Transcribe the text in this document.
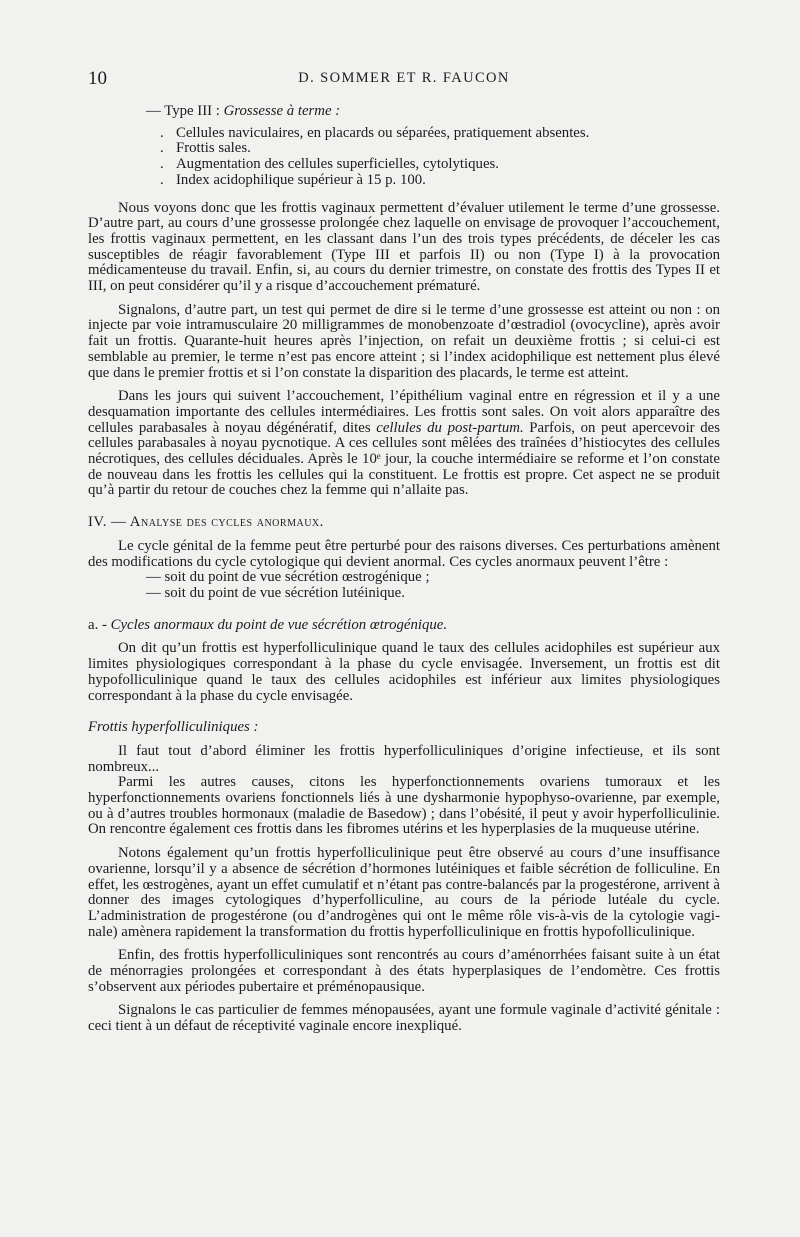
10	D. SOMMER ET R. FAUCON

— Type III : Grossesse à terme :

. Cellules naviculaires, en placards ou séparées, pratiquement absentes.
. Frottis sales.
. Augmentation des cellules superficielles, cytolytiques.
. Index acidophilique supérieur à 15 p. 100.

Nous voyons donc que les frottis vaginaux permettent d’évaluer utilement le terme d’une grossesse. D’autre part, au cours d’une grossesse prolongée chez laquelle on envisage de provoquer l’accouchement, les frottis vaginaux permettent, en les classant dans l’un des trois types précédents, de déceler les cas susceptibles de réagir favorablement (Type III et parfois II) ou non (Type I) à la provocation médicamenteuse du travail. Enfin, si, au cours du dernier trimestre, on constate des frottis des Types II et III, on peut considérer qu’il y a risque d’accouchement prématuré.

Signalons, d’autre part, un test qui permet de dire si le terme d’une grossesse est atteint ou non : on injecte par voie intramusculaire 20 milligrammes de monobenzoate d’œstradiol (ovocycline), après avoir fait un frottis. Quarante-huit heures après l’injection, on refait un deuxième frottis ; si celui-ci est semblable au premier, le terme n’est pas encore atteint ; si l’index acidophilique est nettement plus élevé que dans le premier frottis et si l’on constate la disparition des placards, le terme est atteint.

Dans les jours qui suivent l’accouchement, l’épithélium vaginal entre en régression et il y a une desquamation importante des cellules intermédiaires. Les frottis sont sales. On voit alors apparaître des cellules parabasales à noyau dégénératif, dites cellules du post-partum. Parfois, on peut apercevoir des cellules parabasales à noyau pycnotique. A ces cellules sont mêlées des traînées d’histiocytes des cellules nécrotiques, des cellules déciduales. Après le 10ᵉ jour, la couche intermédiaire se reforme et l’on constate de nouveau dans les frottis les cellules qui la constituent. Le frottis est propre. Cet aspect ne se produit qu’à partir du retour de couches chez la femme qui n’allaite pas.

IV. — Analyse des cycles anormaux.

Le cycle génital de la femme peut être perturbé pour des raisons diverses. Ces perturbations amènent des modifications du cycle cytologique qui devient anormal. Ces cycles anormaux peuvent l’être :

— soit du point de vue sécrétion œstrogénique ;

— soit du point de vue sécrétion lutéinique.

a. - Cycles anormaux du point de vue sécrétion œtrogénique.

On dit qu’un frottis est hyperfolliculinique quand le taux des cellules acidophiles est supérieur aux limites physiologiques correspondant à la phase du cycle envisagée. Inversement, un frottis est dit hypofolliculinique quand le taux des cellules acidophiles est inférieur aux limites physiologiques correspondant à la phase du cycle envisagée.

Frottis hyperfolliculiniques :

Il faut tout d’abord éliminer les frottis hyperfolliculiniques d’origine infectieuse, et ils sont nombreux...

Parmi les autres causes, citons les hyperfonctionnements ovariens tumoraux et les hyperfonctionnements ovariens fonctionnels liés à une dysharmonie hypophyso-ovarienne, par exemple, ou à d’autres troubles hormonaux (maladie de Basedow) ; dans l’obésité, il peut y avoir hyperfolliculinie. On rencontre également ces frottis dans les fibromes utérins et les hyperplasies de la muqueuse utérine.

Notons également qu’un frottis hyperfolliculinique peut être observé au cours d’une insuffisance ovarienne, lorsqu’il y a absence de sécrétion d’hormones lutéiniques et faible sécrétion de folliculine. En effet, les œstrogènes, ayant un effet cumulatif et n’étant pas contre-balancés par la progestérone, arrivent à donner des images cytologiques d’hyperfolliculine, au cours de la période lutéale du cycle. L’administration de progestérone (ou d’androgènes qui ont le même rôle vis-à-vis de la cytologie vaginale) amènera rapidement la transformation du frottis hyperfolliculinique en frottis hypofolliculinique.

Enfin, des frottis hyperfolliculiniques sont rencontrés au cours d’aménorrhées faisant suite à un état de ménorragies prolongées et correspondant à des états hyperplasiques de l’endomètre. Ces frottis s’observent aux périodes pubertaire et préménopausique.

Signalons le cas particulier de femmes ménopausées, ayant une formule vaginale d’activité génitale : ceci tient à un défaut de réceptivité vaginale encore inexpliqué.
